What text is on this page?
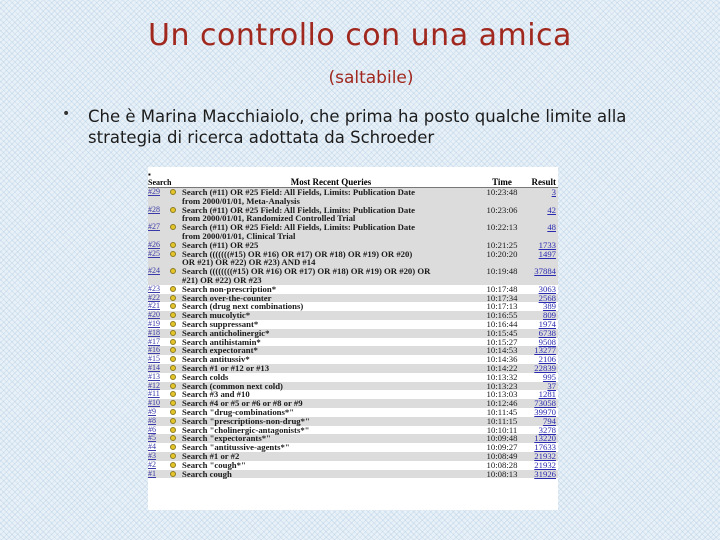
Un controllo con una amica
(saltabile)
• Che è Marina Macchiaiolo, che prima ha posto qualche limite alla strategia di ricerca adottata da Schroeder
▪
Search	Most Recent Queries	Time	Result
#29	Search (#11) OR #25 Field: All Fields, Limits: Publication Date
from 2000/01/01, Meta-Analysis
10:23:48	3
#28	Search (#11) OR #25 Field: All Fields, Limits: Publication Date
from 2000/01/01, Randomized Controlled Trial
10:23:06	42
#27	Search (#11) OR #25 Field: All Fields, Limits: Publication Date
from 2000/01/01, Clinical Trial
10:22:13	48
#26	Search (#11) OR #25	10:21:25	1733
#25	Search (((((((#15) OR #16) OR #17) OR #18) OR #19) OR #20)
OR #21) OR #22) OR #23) AND #14
10:20:20	1497
#24	Search ((((((((#15) OR #16) OR #17) OR #18) OR #19) OR #20) OR
#21) OR #22) OR #23
10:19:48	37884
#23	Search non-prescription*	10:17:48	3063
#22	Search over-the-counter	10:17:34	2568
#21	Search (drug next combinations)	10:17:13	389
#20	Search mucolytic*	10:16:55	809
#19	Search suppressant*	10:16:44	1974
#18	Search anticholinergic*	10:15:45	6738
#17	Search antihistamin*	10:15:27	9508
#16	Search expectorant*	10:14:53	13277
#15	Search antitussiv*	10:14:36	2106
#14	Search #1 or #12 or #13	10:14:22	22839
#13	Search colds	10:13:32	995
#12	Search (common next cold)	10:13:23	37
#11	Search #3 and #10	10:13:03	1281
#10	Search #4 or #5 or #6 or #8 or #9	10:12:46	73058
#9	Search "drug-combinations*"	10:11:45	39970
#8	Search "prescriptions-non-drug*"	10:11:15	794
#6	Search "cholinergic-antagonists*"	10:10:11	3278
#5	Search "expectorants*"	10:09:48	13220
#4	Search "antitussive-agents*"	10:09:27	17633
#3	Search #1 or #2	10:08:49	21932
#2	Search "cough*"	10:08:28	21932
#1	Search cough	10:08:13	31926
